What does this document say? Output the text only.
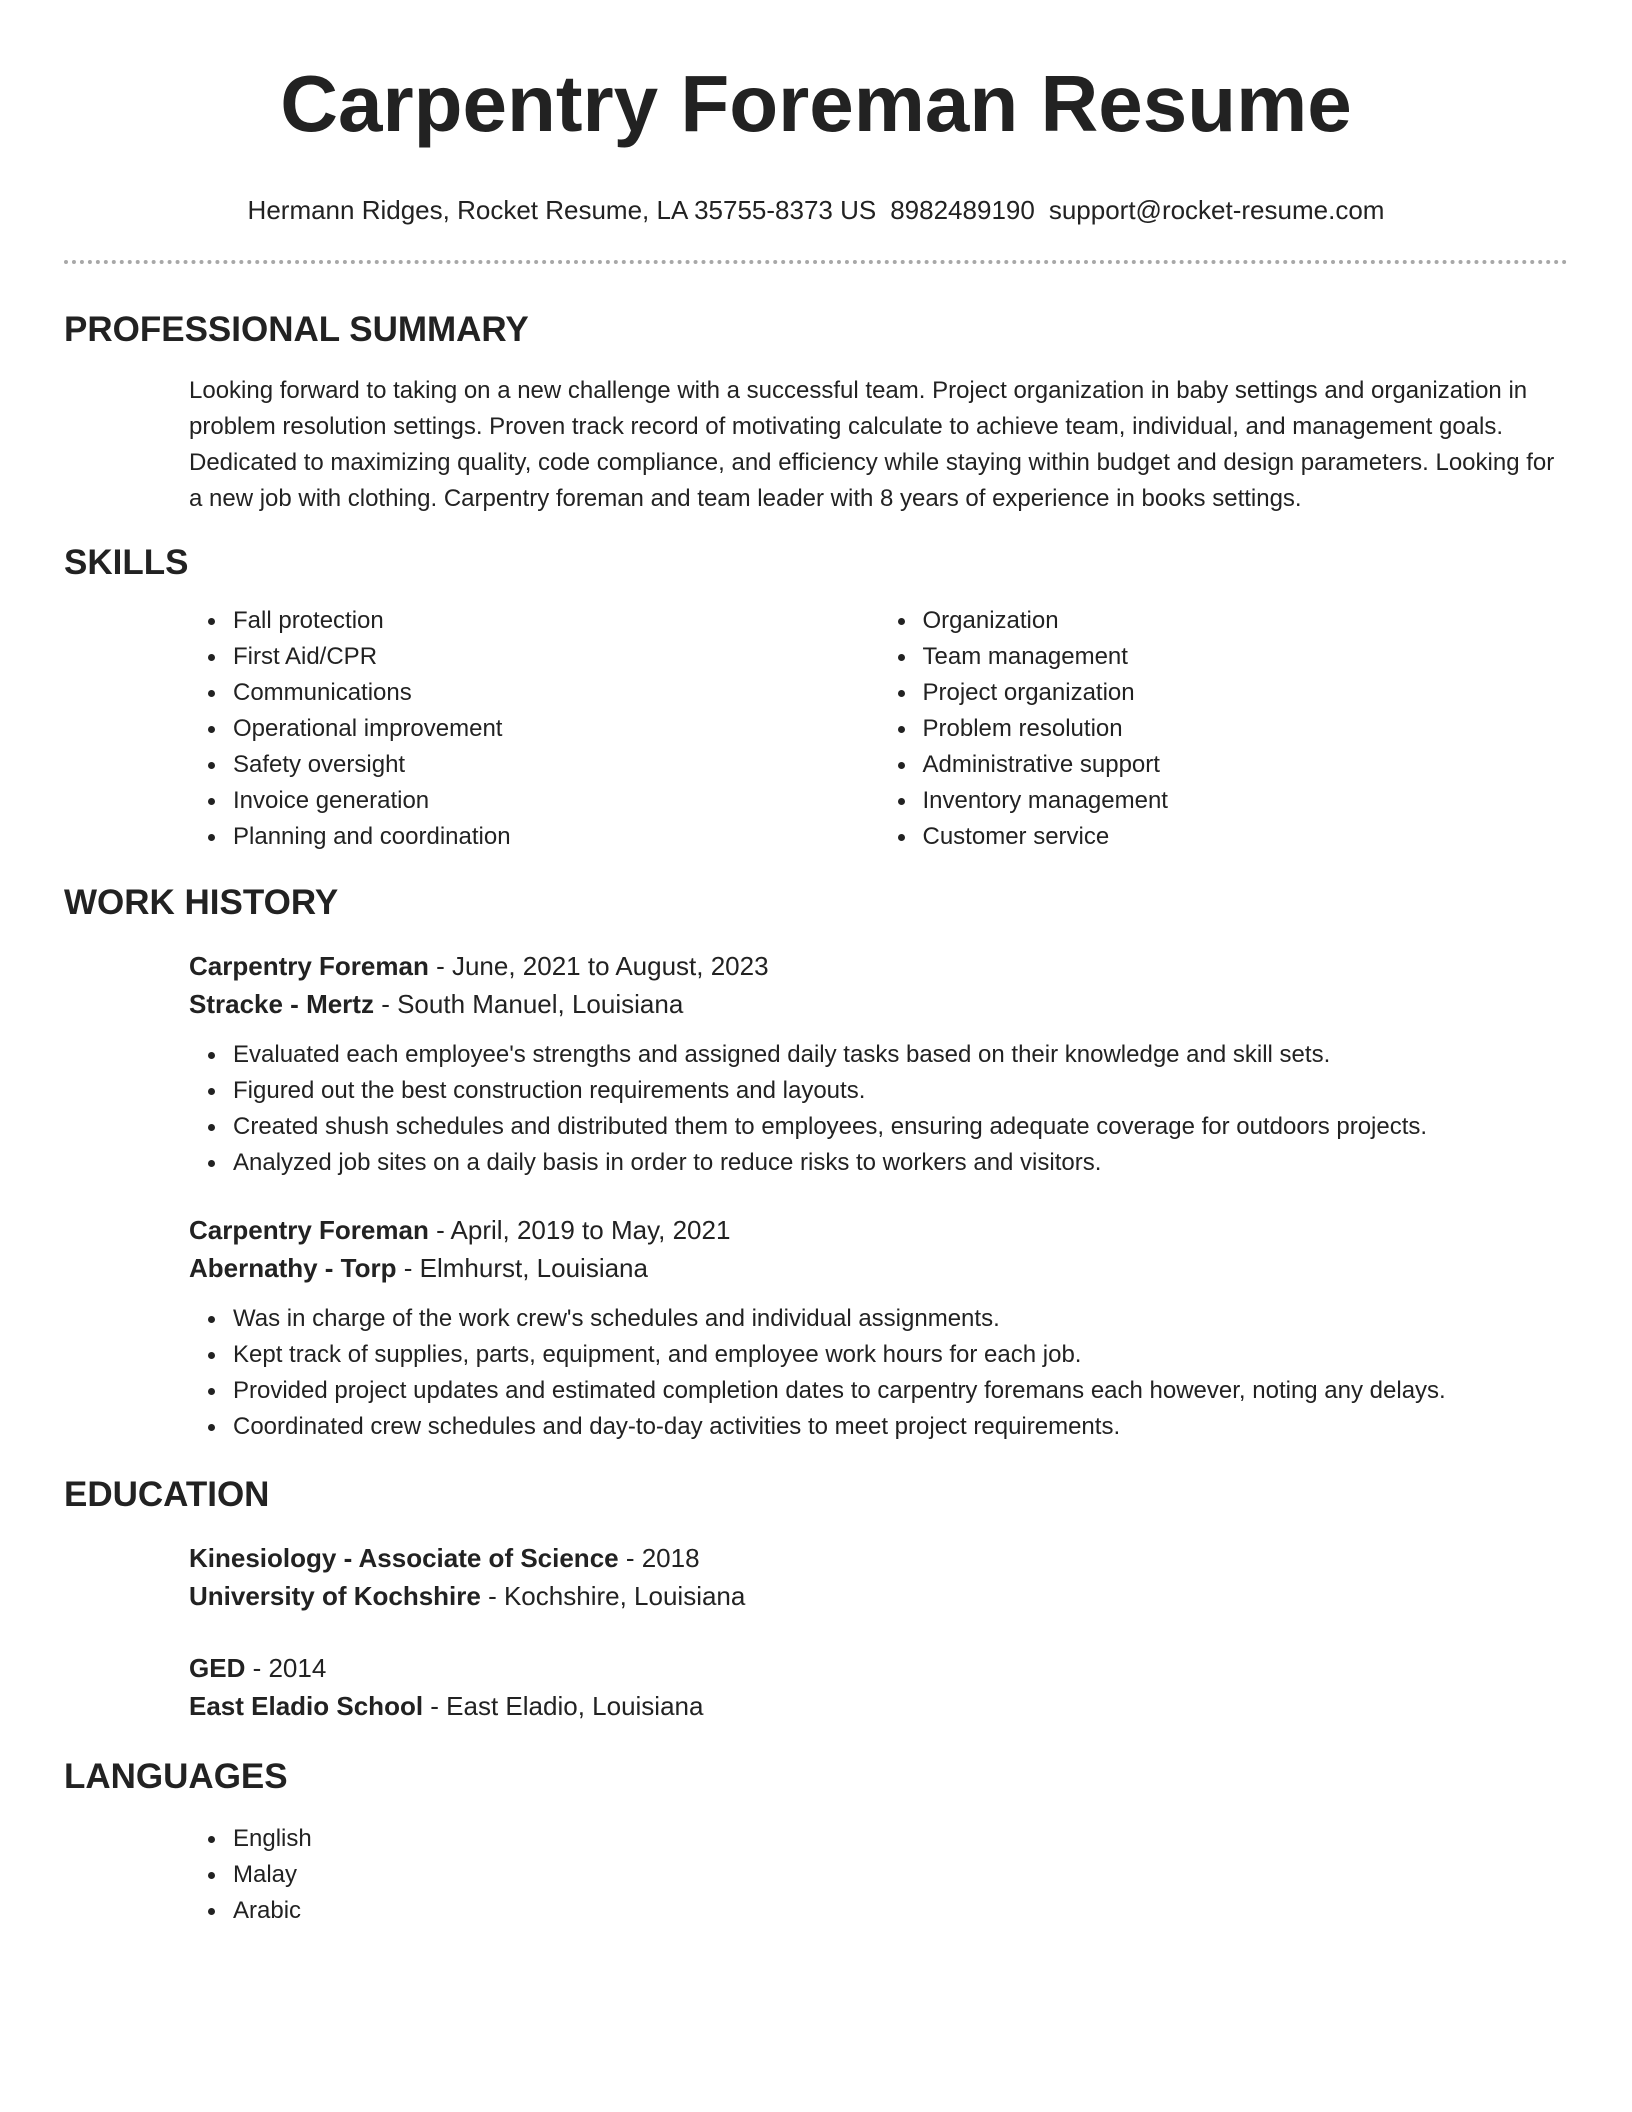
Carpentry Foreman Resume
Hermann Ridges, Rocket Resume, LA 35755-8373 US 8982489190 support@rocket-resume.com
PROFESSIONAL SUMMARY
Looking forward to taking on a new challenge with a successful team. Project organization in baby settings and organization in problem resolution settings. Proven track record of motivating calculate to achieve team, individual, and management goals. Dedicated to maximizing quality, code compliance, and efficiency while staying within budget and design parameters. Looking for a new job with clothing. Carpentry foreman and team leader with 8 years of experience in books settings.
SKILLS
Fall protection
First Aid/CPR
Communications
Operational improvement
Safety oversight
Invoice generation
Planning and coordination
Organization
Team management
Project organization
Problem resolution
Administrative support
Inventory management
Customer service
WORK HISTORY
Carpentry Foreman - June, 2021 to August, 2023
Stracke - Mertz - South Manuel, Louisiana
Evaluated each employee's strengths and assigned daily tasks based on their knowledge and skill sets.
Figured out the best construction requirements and layouts.
Created shush schedules and distributed them to employees, ensuring adequate coverage for outdoors projects.
Analyzed job sites on a daily basis in order to reduce risks to workers and visitors.
Carpentry Foreman - April, 2019 to May, 2021
Abernathy - Torp - Elmhurst, Louisiana
Was in charge of the work crew's schedules and individual assignments.
Kept track of supplies, parts, equipment, and employee work hours for each job.
Provided project updates and estimated completion dates to carpentry foremans each however, noting any delays.
Coordinated crew schedules and day-to-day activities to meet project requirements.
EDUCATION
Kinesiology - Associate of Science - 2018
University of Kochshire - Kochshire, Louisiana
GED - 2014
East Eladio School - East Eladio, Louisiana
LANGUAGES
English
Malay
Arabic
